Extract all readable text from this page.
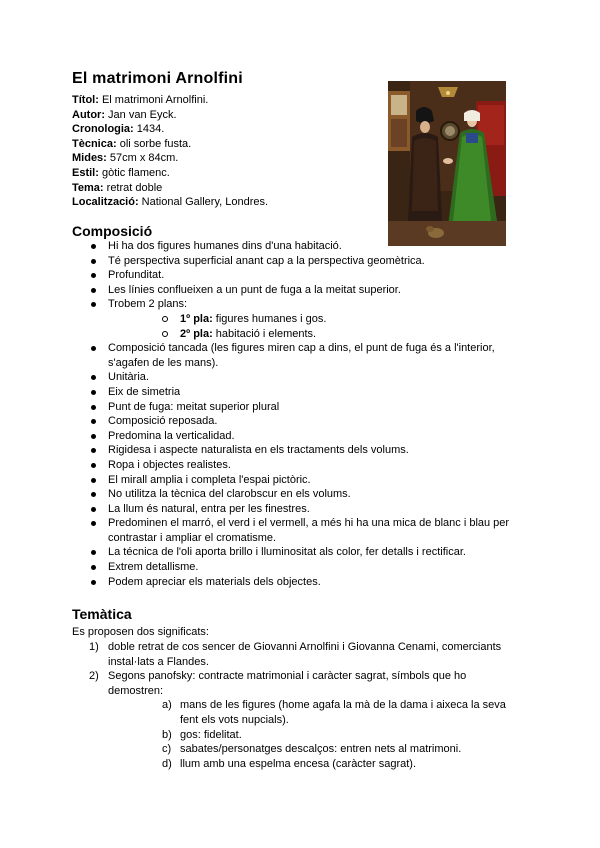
El matrimoni Arnolfini
Títol: El matrimoni Arnolfini.
Autor: Jan van Eyck.
Cronologia: 1434.
Tècnica: oli sorbe fusta.
Mides: 57cm x 84cm.
Estil: gòtic flamenc.
Tema: retrat doble
Localització: National Gallery, Londres.
Composició
Hi ha dos figures humanes dins d'una habitació.
Té perspectiva superficial anant cap a la perspectiva geomètrica.
Profunditat.
Les línies conflueixen a un punt de fuga a la meitat superior.
Trobem 2 plans:
1º pla: figures humanes i gos.
2º pla: habitació i elements.
Composició tancada (les figures miren cap a dins, el punt de fuga és a l'interior, s'agafen de les mans).
Unitària.
Eix de simetria
Punt de fuga: meitat superior plural
Composició reposada.
Predomina la verticalidad.
Rigidesa i aspecte naturalista en els tractaments dels volums.
Ropa i objectes realistes.
El mirall amplia i completa l'espai pictòric.
No utilitza la tècnica del clarobscur en els volums.
La llum és natural, entra per les finestres.
Predominen el marró, el verd i el vermell, a més hi ha una mica de blanc i blau per contrastar i ampliar el cromatisme.
La técnica de l'oli aporta brillo i lluminositat als color, fer detalls i rectificar.
Extrem detallisme.
Podem apreciar els materials dels objectes.
Temàtica
Es proposen dos significats:
1) doble retrat de cos sencer de Giovanni Arnolfini i Giovanna Cenami, comerciants instal·lats a Flandes.
2) Segons panofsky: contracte matrimonial i caràcter sagrat, símbols que ho demostren:
a) mans de les figures (home agafa la mà de la dama i aixeca la seva fent els vots nupcials).
b) gos: fidelitat.
c) sabates/personatges descalços: entren nets al matrimoni.
d) llum amb una espelma encesa (caràcter sagrat).
